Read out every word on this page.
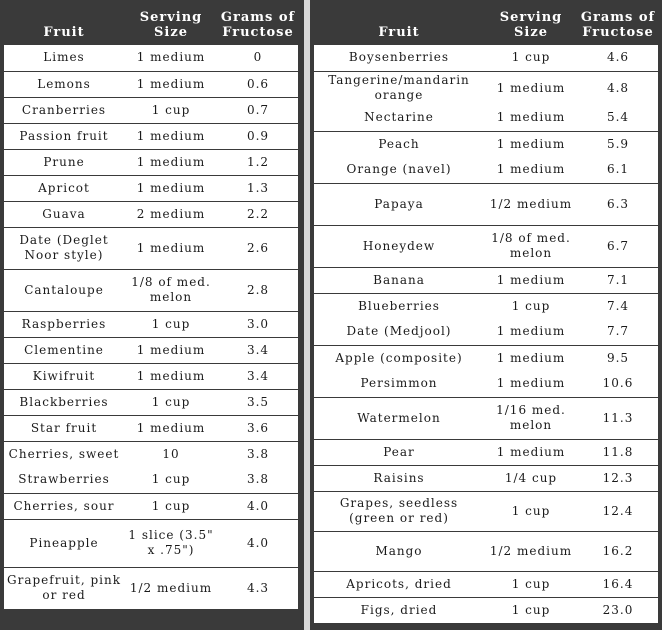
Fruit	Serving Size	Grams of Fructose
Limes	1 medium	0
Lemons	1 medium	0.6
Cranberries	1 cup	0.7
Passion fruit	1 medium	0.9
Prune	1 medium	1.2
Apricot	1 medium	1.3
Guava	2 medium	2.2
Date (Deglet Noor style)	1 medium	2.6
Cantaloupe	1/8 of med. melon	2.8
Raspberries	1 cup	3.0
Clementine	1 medium	3.4
Kiwifruit	1 medium	3.4
Blackberries	1 cup	3.5
Star fruit	1 medium	3.6
Cherries, sweet	10	3.8
Strawberries	1 cup	3.8
Cherries, sour	1 cup	4.0
Pineapple	1 slice (3.5" x .75")	4.0
Grapefruit, pink or red	1/2 medium	4.3
Fruit	Serving Size	Grams of Fructose
Boysenberries	1 cup	4.6
Tangerine/mandarin orange	1 medium	4.8
Nectarine	1 medium	5.4
Peach	1 medium	5.9
Orange (navel)	1 medium	6.1
Papaya	1/2 medium	6.3
Honeydew	1/8 of med. melon	6.7
Banana	1 medium	7.1
Blueberries	1 cup	7.4
Date (Medjool)	1 medium	7.7
Apple (composite)	1 medium	9.5
Persimmon	1 medium	10.6
Watermelon	1/16 med. melon	11.3
Pear	1 medium	11.8
Raisins	1/4 cup	12.3
Grapes, seedless (green or red)	1 cup	12.4
Mango	1/2 medium	16.2
Apricots, dried	1 cup	16.4
Figs, dried	1 cup	23.0
